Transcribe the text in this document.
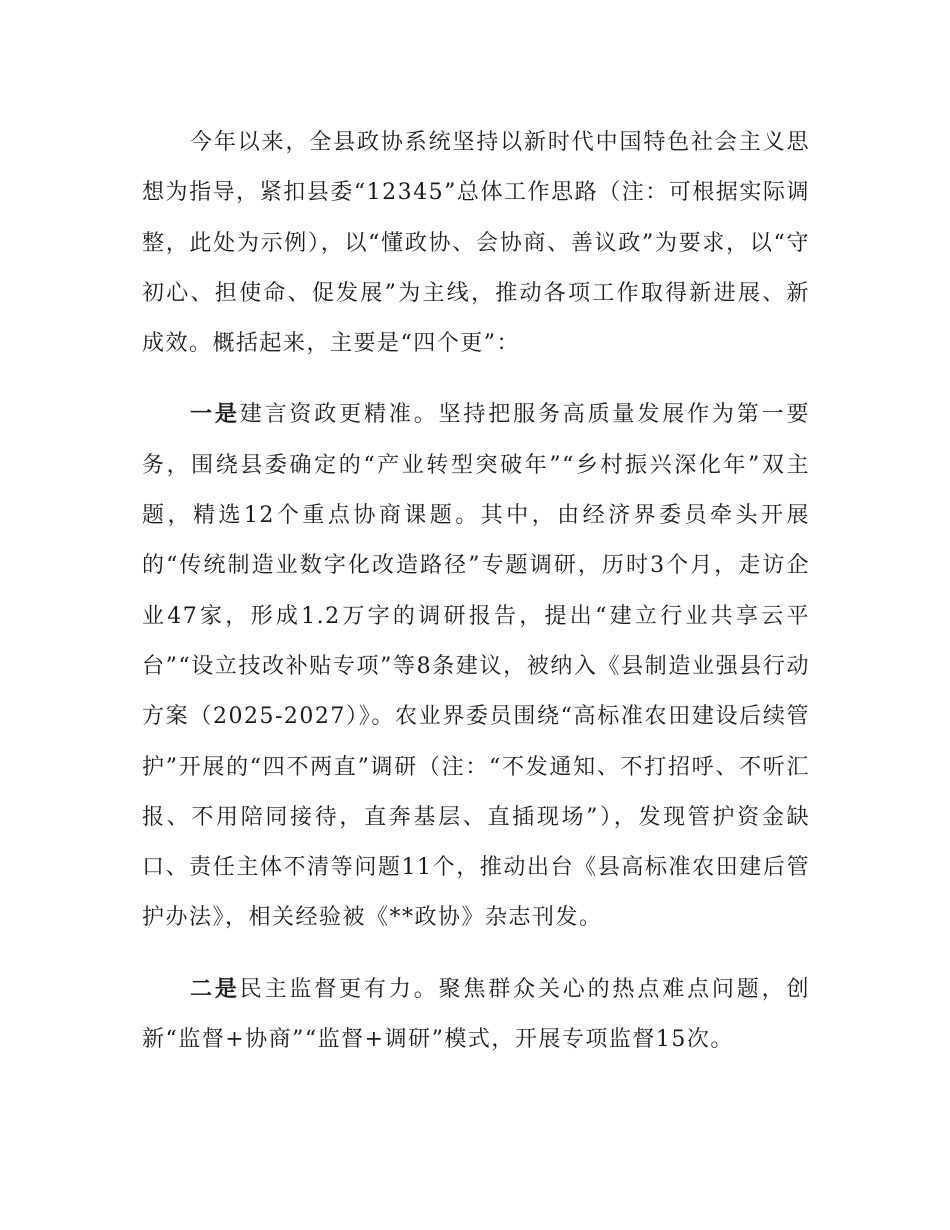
今年以来，全县政协系统坚持以新时代中国特色社会主义思想为指导，紧扣县委“12345”总体工作思路（注：可根据实际调整，此处为示例），以“懂政协、会协商、善议政”为要求，以“守初心、担使命、促发展”为主线，推动各项工作取得新进展、新成效。概括起来，主要是“四个更”：

一是建言资政更精准。坚持把服务高质量发展作为第一要务，围绕县委确定的“产业转型突破年”“乡村振兴深化年”双主题，精选12个重点协商课题。其中，由经济界委员牵头开展的“传统制造业数字化改造路径”专题调研，历时3个月，走访企业47家，形成1.2万字的调研报告，提出“建立行业共享云平台”“设立技改补贴专项”等8条建议，被纳入《县制造业强县行动方案（2025-2027）》。农业界委员围绕“高标准农田建设后续管护”开展的“四不两直”调研（注：“不发通知、不打招呼、不听汇报、不用陪同接待，直奔基层、直插现场”），发现管护资金缺口、责任主体不清等问题11个，推动出台《县高标准农田建后管护办法》，相关经验被《**政协》杂志刊发。

二是民主监督更有力。聚焦群众关心的热点难点问题，创新“监督+协商”“监督+调研”模式，开展专项监督15次。
